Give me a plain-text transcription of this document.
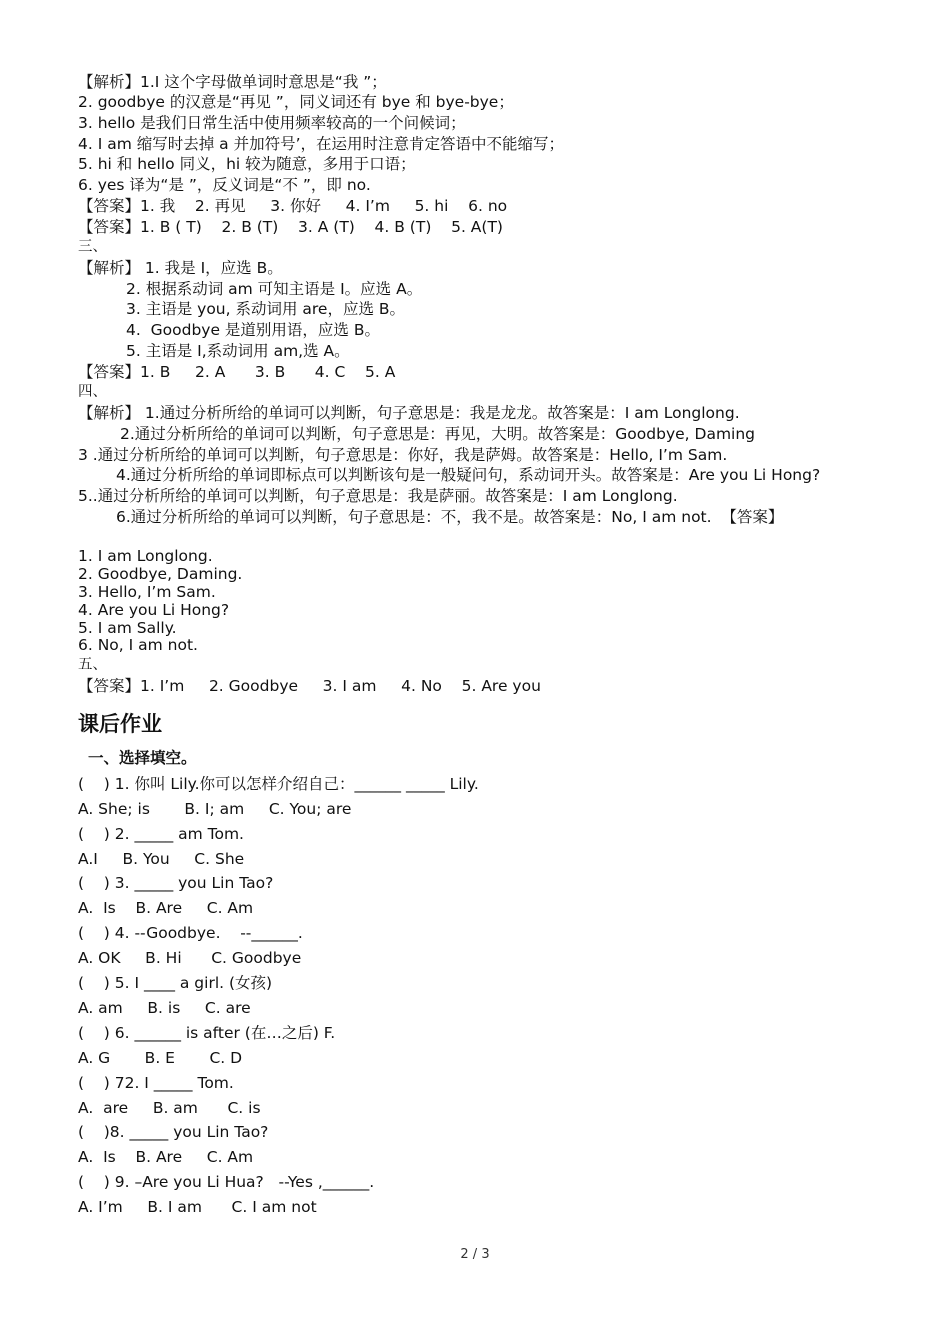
【解析】1.I 这个字母做单词时意思是“我 ”；
2. goodbye 的汉意是“再见 ”，同义词还有 bye 和 bye-bye；
3. hello 是我们日常生活中使用频率较高的一个问候词；
4. I am 缩写时去掉 a 并加符号’，在运用时注意肯定答语中不能缩写；
5. hi 和 hello 同义，hi 较为随意，多用于口语；
6. yes 译为“是 ”，反义词是“不 ”，即 no.
【答案】1. 我    2. 再见     3. 你好     4. I’m     5. hi    6. no
【答案】1. B ( T)    2. B (T)    3. A (T)    4. B (T)    5. A(T)
三、
【解析】 1. 我是 I，应选 B。
2. 根据系动词 am 可知主语是 I。应选 A。
3. 主语是 you, 系动词用 are，应选 B。
4.  Goodbye 是道别用语，应选 B。
5. 主语是 I,系动词用 am,选 A。
【答案】1. B     2. A      3. B      4. C    5. A
四、
【解析】 1.通过分析所给的单词可以判断，句子意思是：我是龙龙。故答案是：I am Longlong.
2.通过分析所给的单词可以判断，句子意思是：再见，大明。故答案是：Goodbye, Daming
3 .通过分析所给的单词可以判断，句子意思是：你好，我是萨姆。故答案是：Hello, I’m Sam.
4.通过分析所给的单词即标点可以判断该句是一般疑问句，系动词开头。故答案是：Are you Li Hong?
5..通过分析所给的单词可以判断，句子意思是：我是萨丽。故答案是：I am Longlong.
6.通过分析所给的单词可以判断，句子意思是：不，我不是。故答案是：No, I am not.  【答案】
1. I am Longlong.
2. Goodbye, Daming.
3. Hello, I’m Sam.
4. Are you Li Hong?
5. I am Sally.
6. No, I am not.
五、
【答案】1. I’m     2. Goodbye     3. I am     4. No    5. Are you
课后作业
一、选择填空。
(    ) 1. 你叫 Lily.你可以怎样介绍自己：______ _____ Lily.
A. She; is       B. I; am     C. You; are
(    ) 2. _____ am Tom.
A.I     B. You     C. She
(    ) 3. _____ you Lin Tao?
A.  Is    B. Are     C. Am
(    ) 4. --Goodbye.    --______.
A. OK     B. Hi      C. Goodbye
(    ) 5. I ____ a girl. (女孩)
A. am     B. is     C. are
(    ) 6. ______ is after (在…之后) F.
A. G       B. E       C. D
(    ) 72. I _____ Tom.
A.  are     B. am      C. is
(    )8. _____ you Lin Tao?
A.  Is    B. Are     C. Am
(    ) 9. –Are you Li Hua?   --Yes ,______.
A. I’m     B. I am      C. I am not
2 / 3
